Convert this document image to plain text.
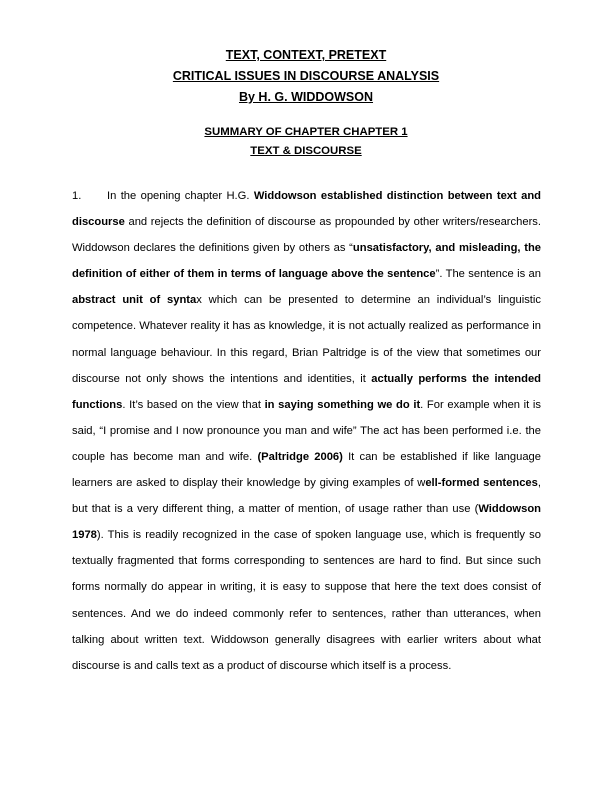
TEXT, CONTEXT, PRETEXT
CRITICAL ISSUES IN DISCOURSE ANALYSIS
By H. G. WIDDOWSON
SUMMARY OF CHAPTER CHAPTER 1
TEXT & DISCOURSE
1. In the opening chapter H.G. Widdowson established distinction between text and discourse and rejects the definition of discourse as propounded by other writers/researchers. Widdowson declares the definitions given by others as “unsatisfactory, and misleading, the definition of either of them in terms of language above the sentence”. The sentence is an abstract unit of syntax which can be presented to determine an individual’s linguistic competence. Whatever reality it has as knowledge, it is not actually realized as performance in normal language behaviour. In this regard, Brian Paltridge is of the view that sometimes our discourse not only shows the intentions and identities, it actually performs the intended functions. It’s based on the view that in saying something we do it. For example when it is said, “I promise and I now pronounce you man and wife” The act has been performed i.e. the couple has become man and wife. (Paltridge 2006) It can be established if like language learners are asked to display their knowledge by giving examples of well-formed sentences, but that is a very different thing, a matter of mention, of usage rather than use (Widdowson 1978). This is readily recognized in the case of spoken language use, which is frequently so textually fragmented that forms corresponding to sentences are hard to find. But since such forms normally do appear in writing, it is easy to suppose that here the text does consist of sentences. And we do indeed commonly refer to sentences, rather than utterances, when talking about written text. Widdowson generally disagrees with earlier writers about what discourse is and calls text as a product of discourse which itself is a process.
